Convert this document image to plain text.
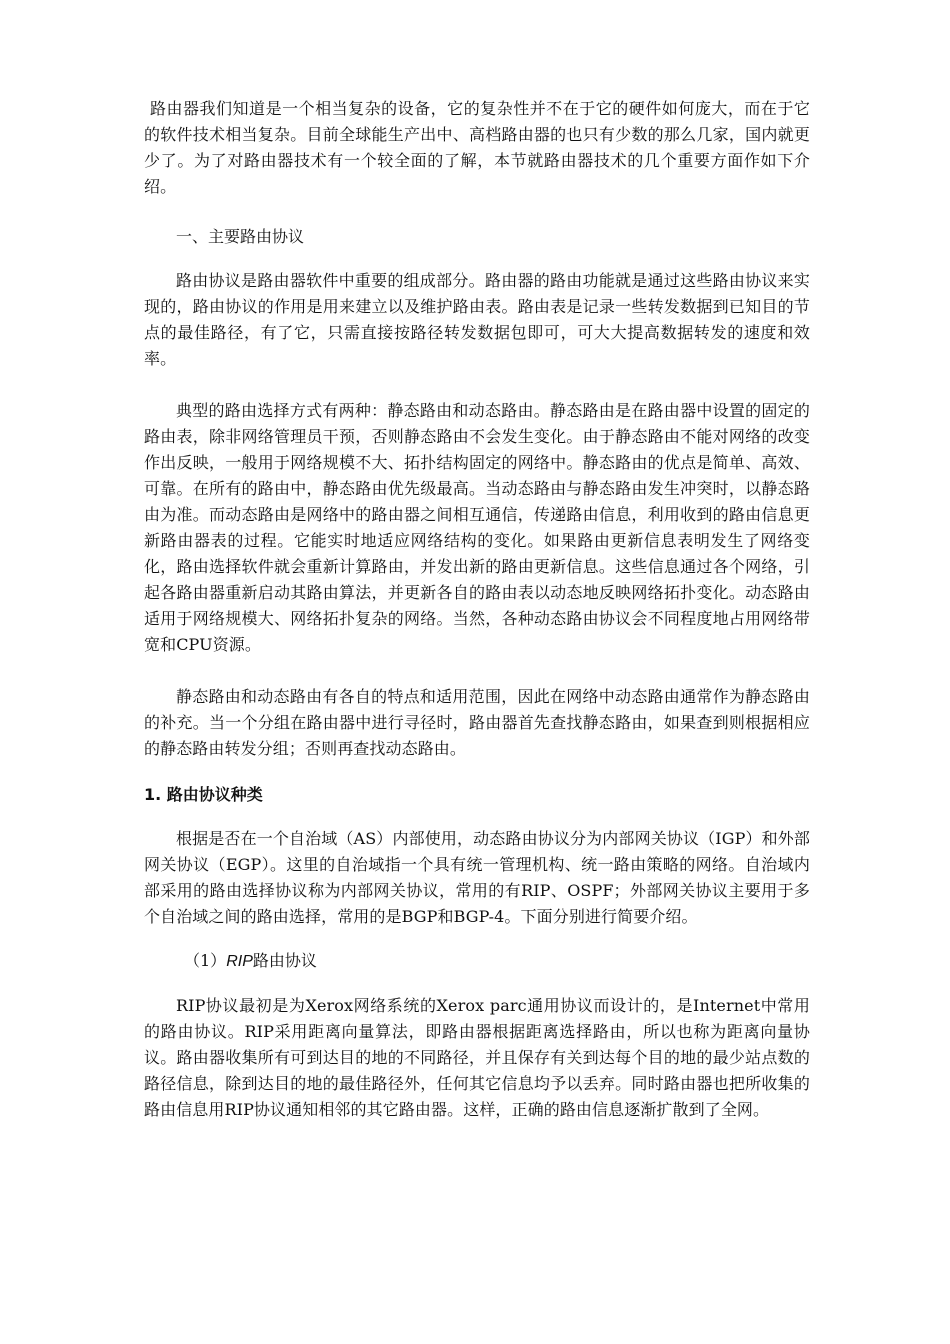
路由器我们知道是一个相当复杂的设备，它的复杂性并不在于它的硬件如何庞大，而在于它的软件技术相当复杂。目前全球能生产出中、高档路由器的也只有少数的那么几家，国内就更少了。为了对路由器技术有一个较全面的了解，本节就路由器技术的几个重要方面作如下介绍。

一、主要路由协议

路由协议是路由器软件中重要的组成部分。路由器的路由功能就是通过这些路由协议来实现的，路由协议的作用是用来建立以及维护路由表。路由表是记录一些转发数据到已知目的节点的最佳路径，有了它，只需直接按路径转发数据包即可，可大大提高数据转发的速度和效率。

典型的路由选择方式有两种：静态路由和动态路由。静态路由是在路由器中设置的固定的路由表，除非网络管理员干预，否则静态路由不会发生变化。由于静态路由不能对网络的改变作出反映，一般用于网络规模不大、拓扑结构固定的网络中。静态路由的优点是简单、高效、可靠。在所有的路由中，静态路由优先级最高。当动态路由与静态路由发生冲突时，以静态路由为准。而动态路由是网络中的路由器之间相互通信，传递路由信息，利用收到的路由信息更新路由器表的过程。它能实时地适应网络结构的变化。如果路由更新信息表明发生了网络变化，路由选择软件就会重新计算路由，并发出新的路由更新信息。这些信息通过各个网络，引起各路由器重新启动其路由算法，并更新各自的路由表以动态地反映网络拓扑变化。动态路由适用于网络规模大、网络拓扑复杂的网络。当然，各种动态路由协议会不同程度地占用网络带宽和CPU资源。

静态路由和动态路由有各自的特点和适用范围，因此在网络中动态路由通常作为静态路由的补充。当一个分组在路由器中进行寻径时，路由器首先查找静态路由，如果查到则根据相应的静态路由转发分组；否则再查找动态路由。

1. 路由协议种类

根据是否在一个自治域（AS）内部使用，动态路由协议分为内部网关协议（IGP）和外部网关协议（EGP）。这里的自治域指一个具有统一管理机构、统一路由策略的网络。自治域内部采用的路由选择协议称为内部网关协议，常用的有RIP、OSPF；外部网关协议主要用于多个自治域之间的路由选择，常用的是BGP和BGP-4。下面分别进行简要介绍。

（1）RIP路由协议

RIP协议最初是为Xerox网络系统的Xerox parc通用协议而设计的，是Internet中常用的路由协议。RIP采用距离向量算法，即路由器根据距离选择路由，所以也称为距离向量协议。路由器收集所有可到达目的地的不同路径，并且保存有关到达每个目的地的最少站点数的路径信息，除到达目的地的最佳路径外，任何其它信息均予以丢弃。同时路由器也把所收集的路由信息用RIP协议通知相邻的其它路由器。这样，正确的路由信息逐渐扩散到了全网。
